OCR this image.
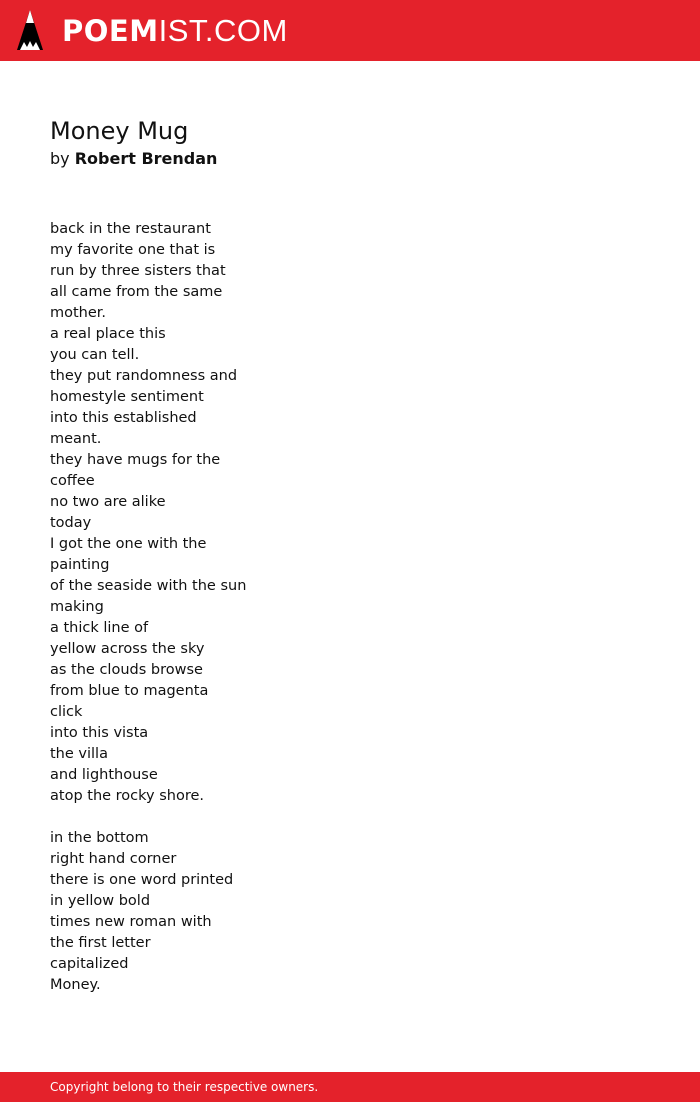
POEMIST.COM
Money Mug
by Robert Brendan
back in the restaurant
my favorite one that is
run by three sisters that
all came from the same
mother.
a real place this
you can tell.
they put randomness and
homestyle sentiment
into this established
meant.
they have mugs for the
coffee
no two are alike
today
I got the one with the
painting
of the seaside with the sun
making
a thick line of
yellow across the sky
as the clouds browse
from blue to magenta
click
into this vista
the villa
and lighthouse
atop the rocky shore.
in the bottom
right hand corner
there is one word printed
in yellow bold
times new roman with
the first letter
capitalized
Money.
Copyright belong to their respective owners.
